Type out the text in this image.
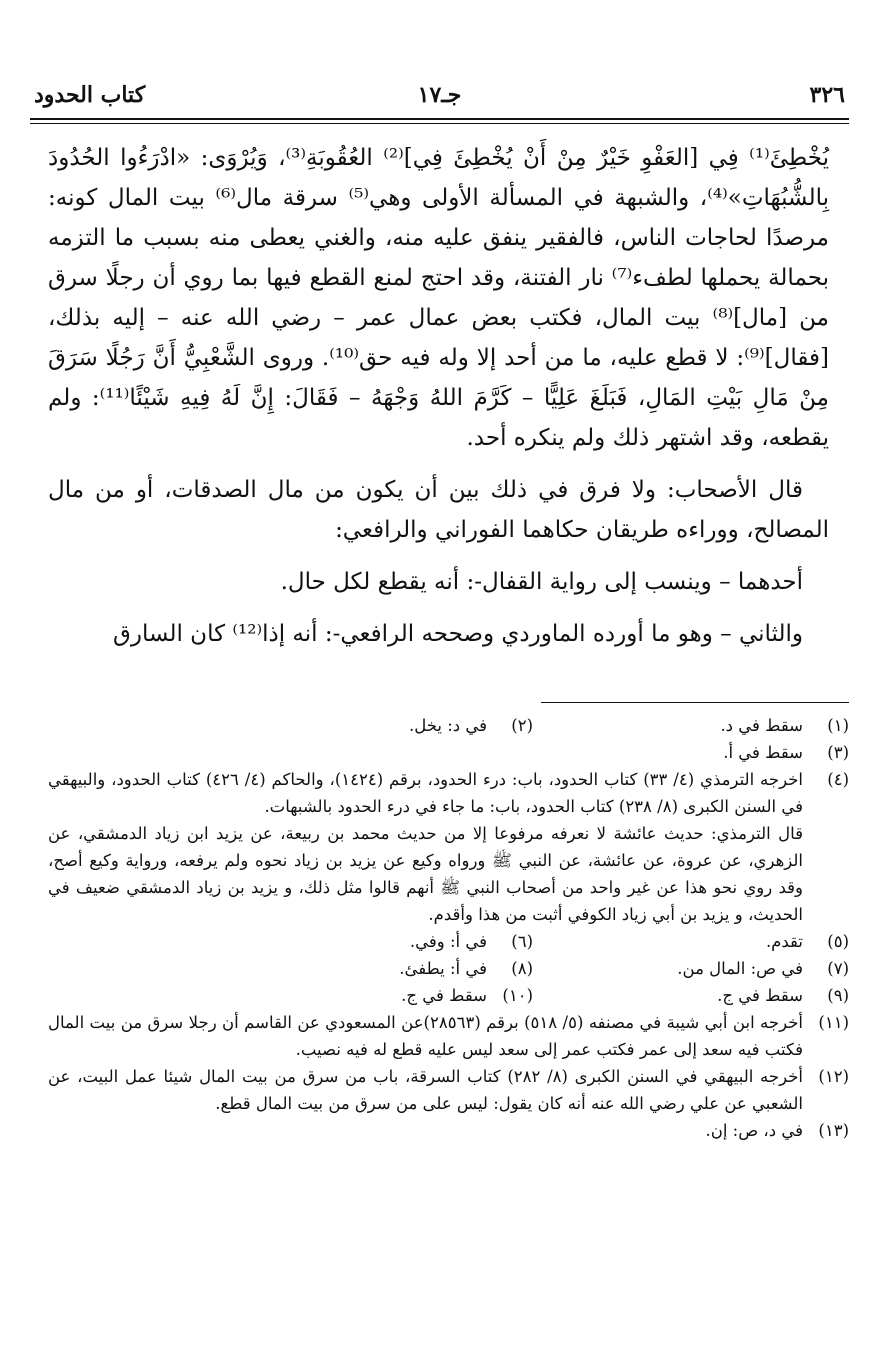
٣٢٦
جـ١٧
كتاب الحدود

يُخْطِئَ⁽¹⁾ فِي [العَفْوِ خَيْرٌ مِنْ أَنْ يُخْطِئَ فِي]⁽²⁾ العُقُوبَةِ⁽³⁾، وَيُرْوَى: «ادْرَءُوا الحُدُودَ بِالشُّبُهَاتِ»⁽⁴⁾، والشبهة في المسألة الأولى وهي⁽⁵⁾ سرقة مال⁽⁶⁾ بيت المال كونه: مرصدًا لحاجات الناس، فالفقير ينفق عليه منه، والغني يعطى منه بسبب ما التزمه بحمالة يحملها لطفء⁽⁷⁾ نار الفتنة، وقد احتج لمنع القطع فيها بما روي أن رجلًا سرق من [مال]⁽⁸⁾ بيت المال، فكتب بعض عمال عمر – رضي الله عنه – إليه بذلك، [فقال]⁽⁹⁾: لا قطع عليه، ما من أحد إلا وله فيه حق⁽¹⁰⁾. وروى الشَّعْبِيُّ أَنَّ رَجُلًا سَرَقَ مِنْ مَالِ بَيْتِ المَالِ، فَبَلَغَ عَلِيًّا – كَرَّمَ اللهُ وَجْهَهُ – فَقَالَ: إِنَّ لَهُ فِيهِ شَيْئًا⁽¹¹⁾: ولم يقطعه، وقد اشتهر ذلك ولم ينكره أحد.

قال الأصحاب: ولا فرق في ذلك بين أن يكون من مال الصدقات، أو من مال المصالح، ووراءه طريقان حكاهما الفوراني والرافعي:

أحدهما – وينسب إلى رواية القفال-: أنه يقطع لكل حال.

والثاني – وهو ما أورده الماوردي وصححه الرافعي-: أنه إذا⁽¹²⁾ كان السارق

(١)
سقط في د.
(٢)
في د: يخل.
(٣)
سقط في أ.
(٤)
اخرجه الترمذي (٤/ ٣٣) كتاب الحدود، باب: درء الحدود، برقم (١٤٢٤)، والحاكم (٤/ ٤٢٦) كتاب الحدود، والبيهقي في السنن الكبرى (٨/ ٢٣٨) كتاب الحدود، باب: ما جاء في درء الحدود بالشبهات.
قال الترمذي: حديث عائشة لا نعرفه مرفوعا إلا من حديث محمد بن ربيعة، عن يزيد ابن زياد الدمشقي، عن الزهري، عن عروة، عن عائشة، عن النبي ﷺ ورواه وكيع عن يزيد بن زياد نحوه ولم يرفعه، ورواية وكيع أصح، وقد روي نحو هذا عن غير واحد من أصحاب النبي ﷺ أنهم قالوا مثل ذلك، و يزيد بن زياد الدمشقي ضعيف في الحديث، و يزيد بن أبي زياد الكوفي أثبت من هذا وأقدم.
(٥)
تقدم.
(٦)
في أ: وفي.
(٧)
في ص: المال من.
(٨)
في أ: يطفئ.
(٩)
سقط في ج.
(١٠)
سقط في ج.
(١١)
أخرجه ابن أبي شيبة في مصنفه (٥/ ٥١٨) برقم (٢٨٥٦٣)عن المسعودي عن القاسم أن رجلا سرق من بيت المال فكتب فيه سعد إلى عمر فكتب عمر إلى سعد ليس عليه قطع له فيه نصيب.
(١٢)
أخرجه البيهقي في السنن الكبرى (٨/ ٢٨٢) كتاب السرقة، باب من سرق من بيت المال شيئا عمل البيت، عن الشعبي عن علي رضي الله عنه أنه كان يقول: ليس على من سرق من بيت المال قطع.
(١٣)
في د، ص: إن.
